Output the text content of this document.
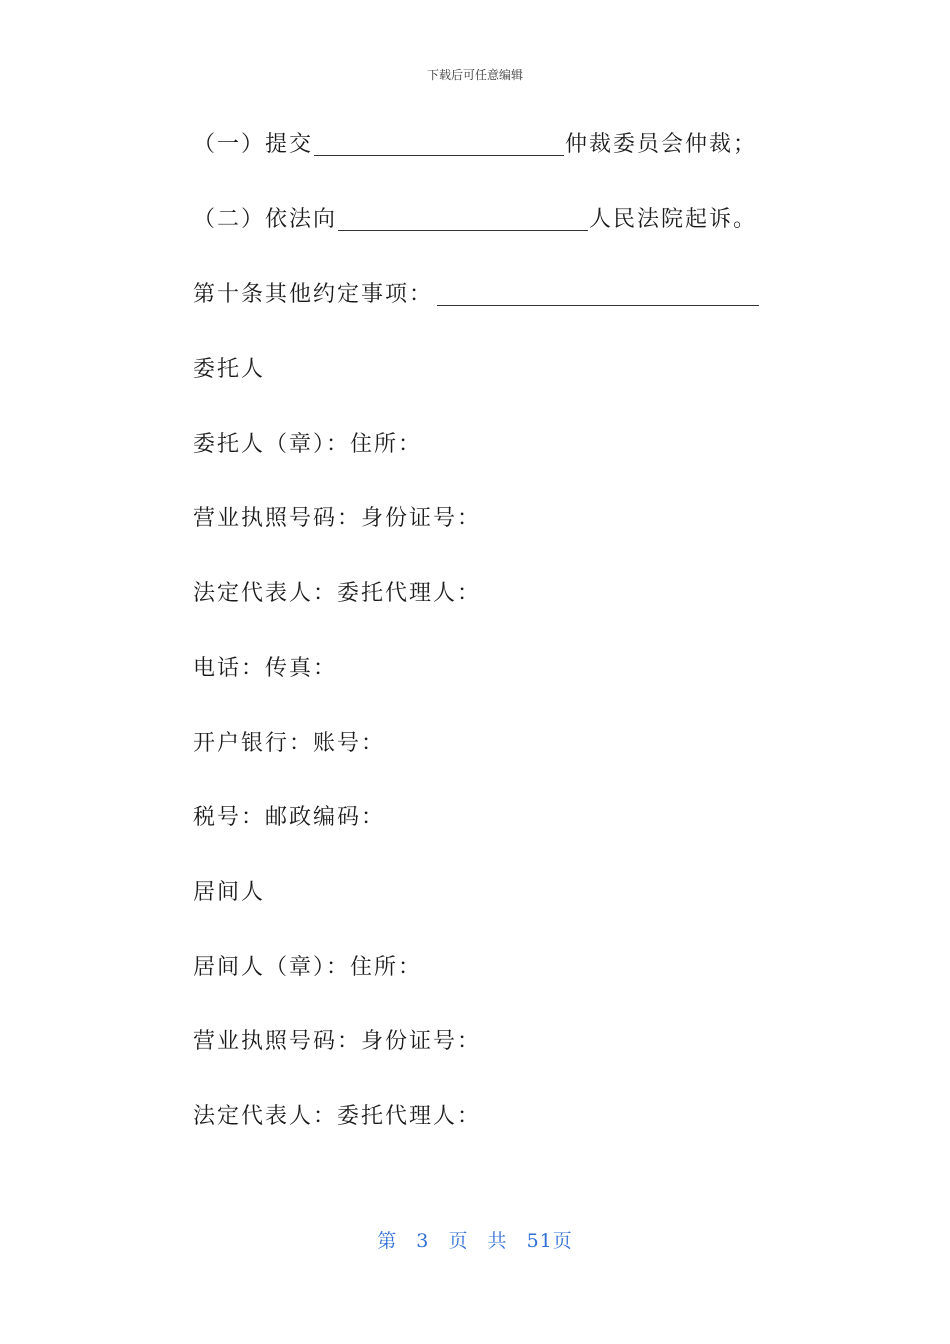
下载后可任意编辑
（一）提交	仲裁委员会仲裁；
（二）依法向	人民法院起诉。
第十条其他约定事项：
委托人
委托人（章）：住所：
营业执照号码：身份证号：
法定代表人：委托代理人：
电话：传真：
开户银行：账号：
税号：邮政编码：
居间人
居间人（章）：住所：
营业执照号码：身份证号：
法定代表人：委托代理人：
第 3 页 共 51页
